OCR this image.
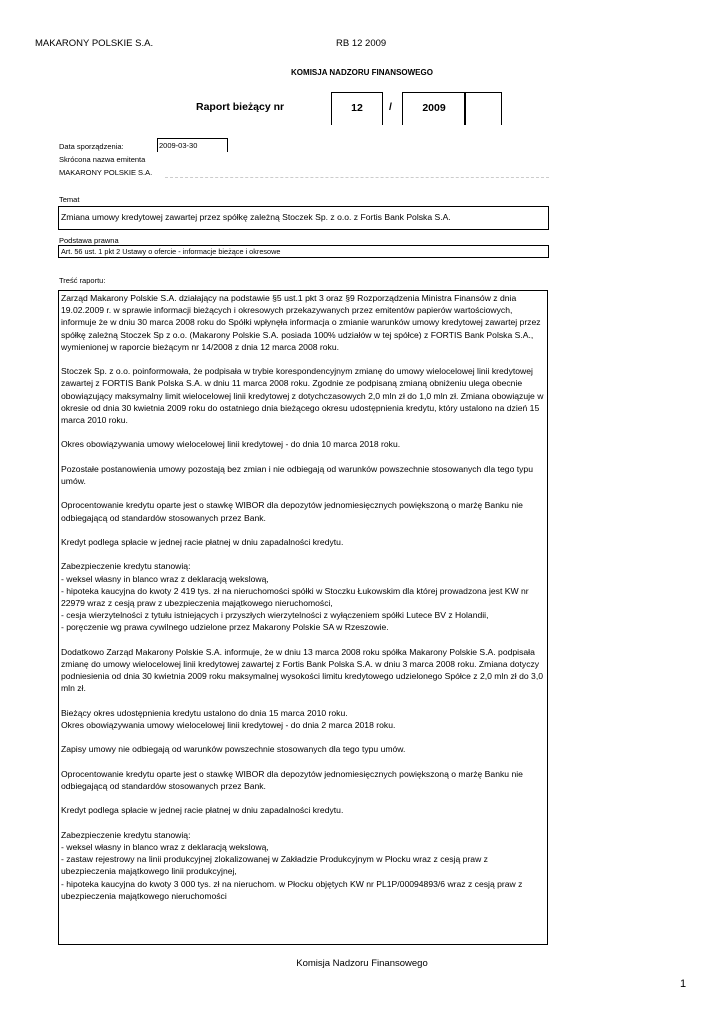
MAKARONY POLSKIE S.A.	RB 12 2009
KOMISJA NADZORU FINANSOWEGO
Raport bieżący nr	12	/	2009
Data sporządzenia:	2009-03-30
Skrócona nazwa emitenta
MAKARONY POLSKIE S.A.
Temat
Zmiana umowy kredytowej zawartej przez spółkę zależną Stoczek Sp. z o.o. z Fortis Bank Polska S.A.
Podstawa prawna
Art. 56 ust. 1 pkt 2 Ustawy o ofercie - informacje bieżące i okresowe
Treść raportu:

Zarząd Makarony Polskie S.A. działający na podstawie §5 ust.1 pkt 3 oraz §9 Rozporządzenia Ministra Finansów z dnia 19.02.2009 r. w sprawie informacji bieżących i okresowych przekazywanych przez emitentów papierów wartościowych, informuje że w dniu 30 marca 2008 roku do Spółki wpłynęła informacja o zmianie warunków umowy kredytowej zawartej przez spółkę zależną Stoczek Sp z o.o. (Makarony Polskie S.A. posiada 100% udziałów w tej spółce) z FORTIS Bank Polska S.A., wymienionej w raporcie bieżącym nr 14/2008 z dnia 12 marca 2008 roku.

Stoczek Sp. z o.o. poinformowała, że podpisała w trybie korespondencyjnym zmianę do umowy wielocelowej linii kredytowej zawartej z FORTIS Bank Polska S.A. w dniu 11 marca 2008 roku. Zgodnie ze podpisaną zmianą obniżeniu ulega obecnie obowiązujący maksymalny limit wielocelowej linii kredytowej z dotychczasowych 2,0 mln zł do 1,0 mln zł. Zmiana obowiązuje w okresie od dnia 30 kwietnia 2009 roku do ostatniego dnia bieżącego okresu udostępnienia kredytu, który ustalono na dzień 15 marca 2010 roku.

Okres obowiązywania umowy wielocelowej linii kredytowej - do dnia 10 marca 2018 roku.

Pozostałe postanowienia umowy pozostają bez zmian i nie odbiegają od warunków powszechnie stosowanych dla tego typu umów.

Oprocentowanie kredytu oparte jest o stawkę WIBOR dla depozytów jednomiesięcznych powiększoną o marżę Banku nie odbiegającą od standardów stosowanych przez Bank.

Kredyt podlega spłacie w jednej racie płatnej w dniu zapadalności kredytu.

Zabezpieczenie kredytu stanowią:
- weksel własny in blanco wraz z deklaracją wekslową,
- hipoteka kaucyjna do kwoty 2 419 tys. zł na nieruchomości spółki w Stoczku Łukowskim dla której prowadzona jest KW nr 22979 wraz z cesją praw z ubezpieczenia majątkowego nieruchomości,
- cesja wierzytelności z tytułu istniejących i przyszłych wierzytelności z wyłączeniem spółki Lutece BV z Holandii,
- poręczenie wg prawa cywilnego udzielone przez Makarony Polskie SA w Rzeszowie.

Dodatkowo Zarząd Makarony Polskie S.A. informuje, że w dniu 13 marca 2008 roku spółka Makarony Polskie S.A. podpisała zmianę do umowy wielocelowej linii kredytowej zawartej z Fortis Bank Polska S.A. w dniu 3 marca 2008 roku. Zmiana dotyczy podniesienia od dnia 30 kwietnia 2009 roku maksymalnej wysokości limitu kredytowego udzielonego Spółce z 2,0 mln zł do 3,0 mln zł.

Bieżący okres udostępnienia kredytu ustalono do dnia 15 marca 2010 roku.
Okres obowiązywania umowy wielocelowej linii kredytowej - do dnia 2 marca 2018 roku.

Zapisy umowy nie odbiegają od warunków powszechnie stosowanych dla tego typu umów.

Oprocentowanie kredytu oparte jest o stawkę WIBOR dla depozytów jednomiesięcznych powiększoną o marżę Banku nie odbiegającą od standardów stosowanych przez Bank.

Kredyt podlega spłacie w jednej racie płatnej w dniu zapadalności kredytu.

Zabezpieczenie kredytu stanowią:
- weksel własny in blanco wraz z deklaracją wekslową,
- zastaw rejestrowy na linii produkcyjnej zlokalizowanej w Zakładzie Produkcyjnym w Płocku wraz z cesją praw z ubezpieczenia majątkowego linii produkcyjnej,
- hipoteka kaucyjna do kwoty 3 000 tys. zł na nieruchom. w Płocku objętych KW nr PL1P/00094893/6 wraz z cesją praw z ubezpieczenia majątkowego nieruchomości

Komisja Nadzoru Finansowego
1
